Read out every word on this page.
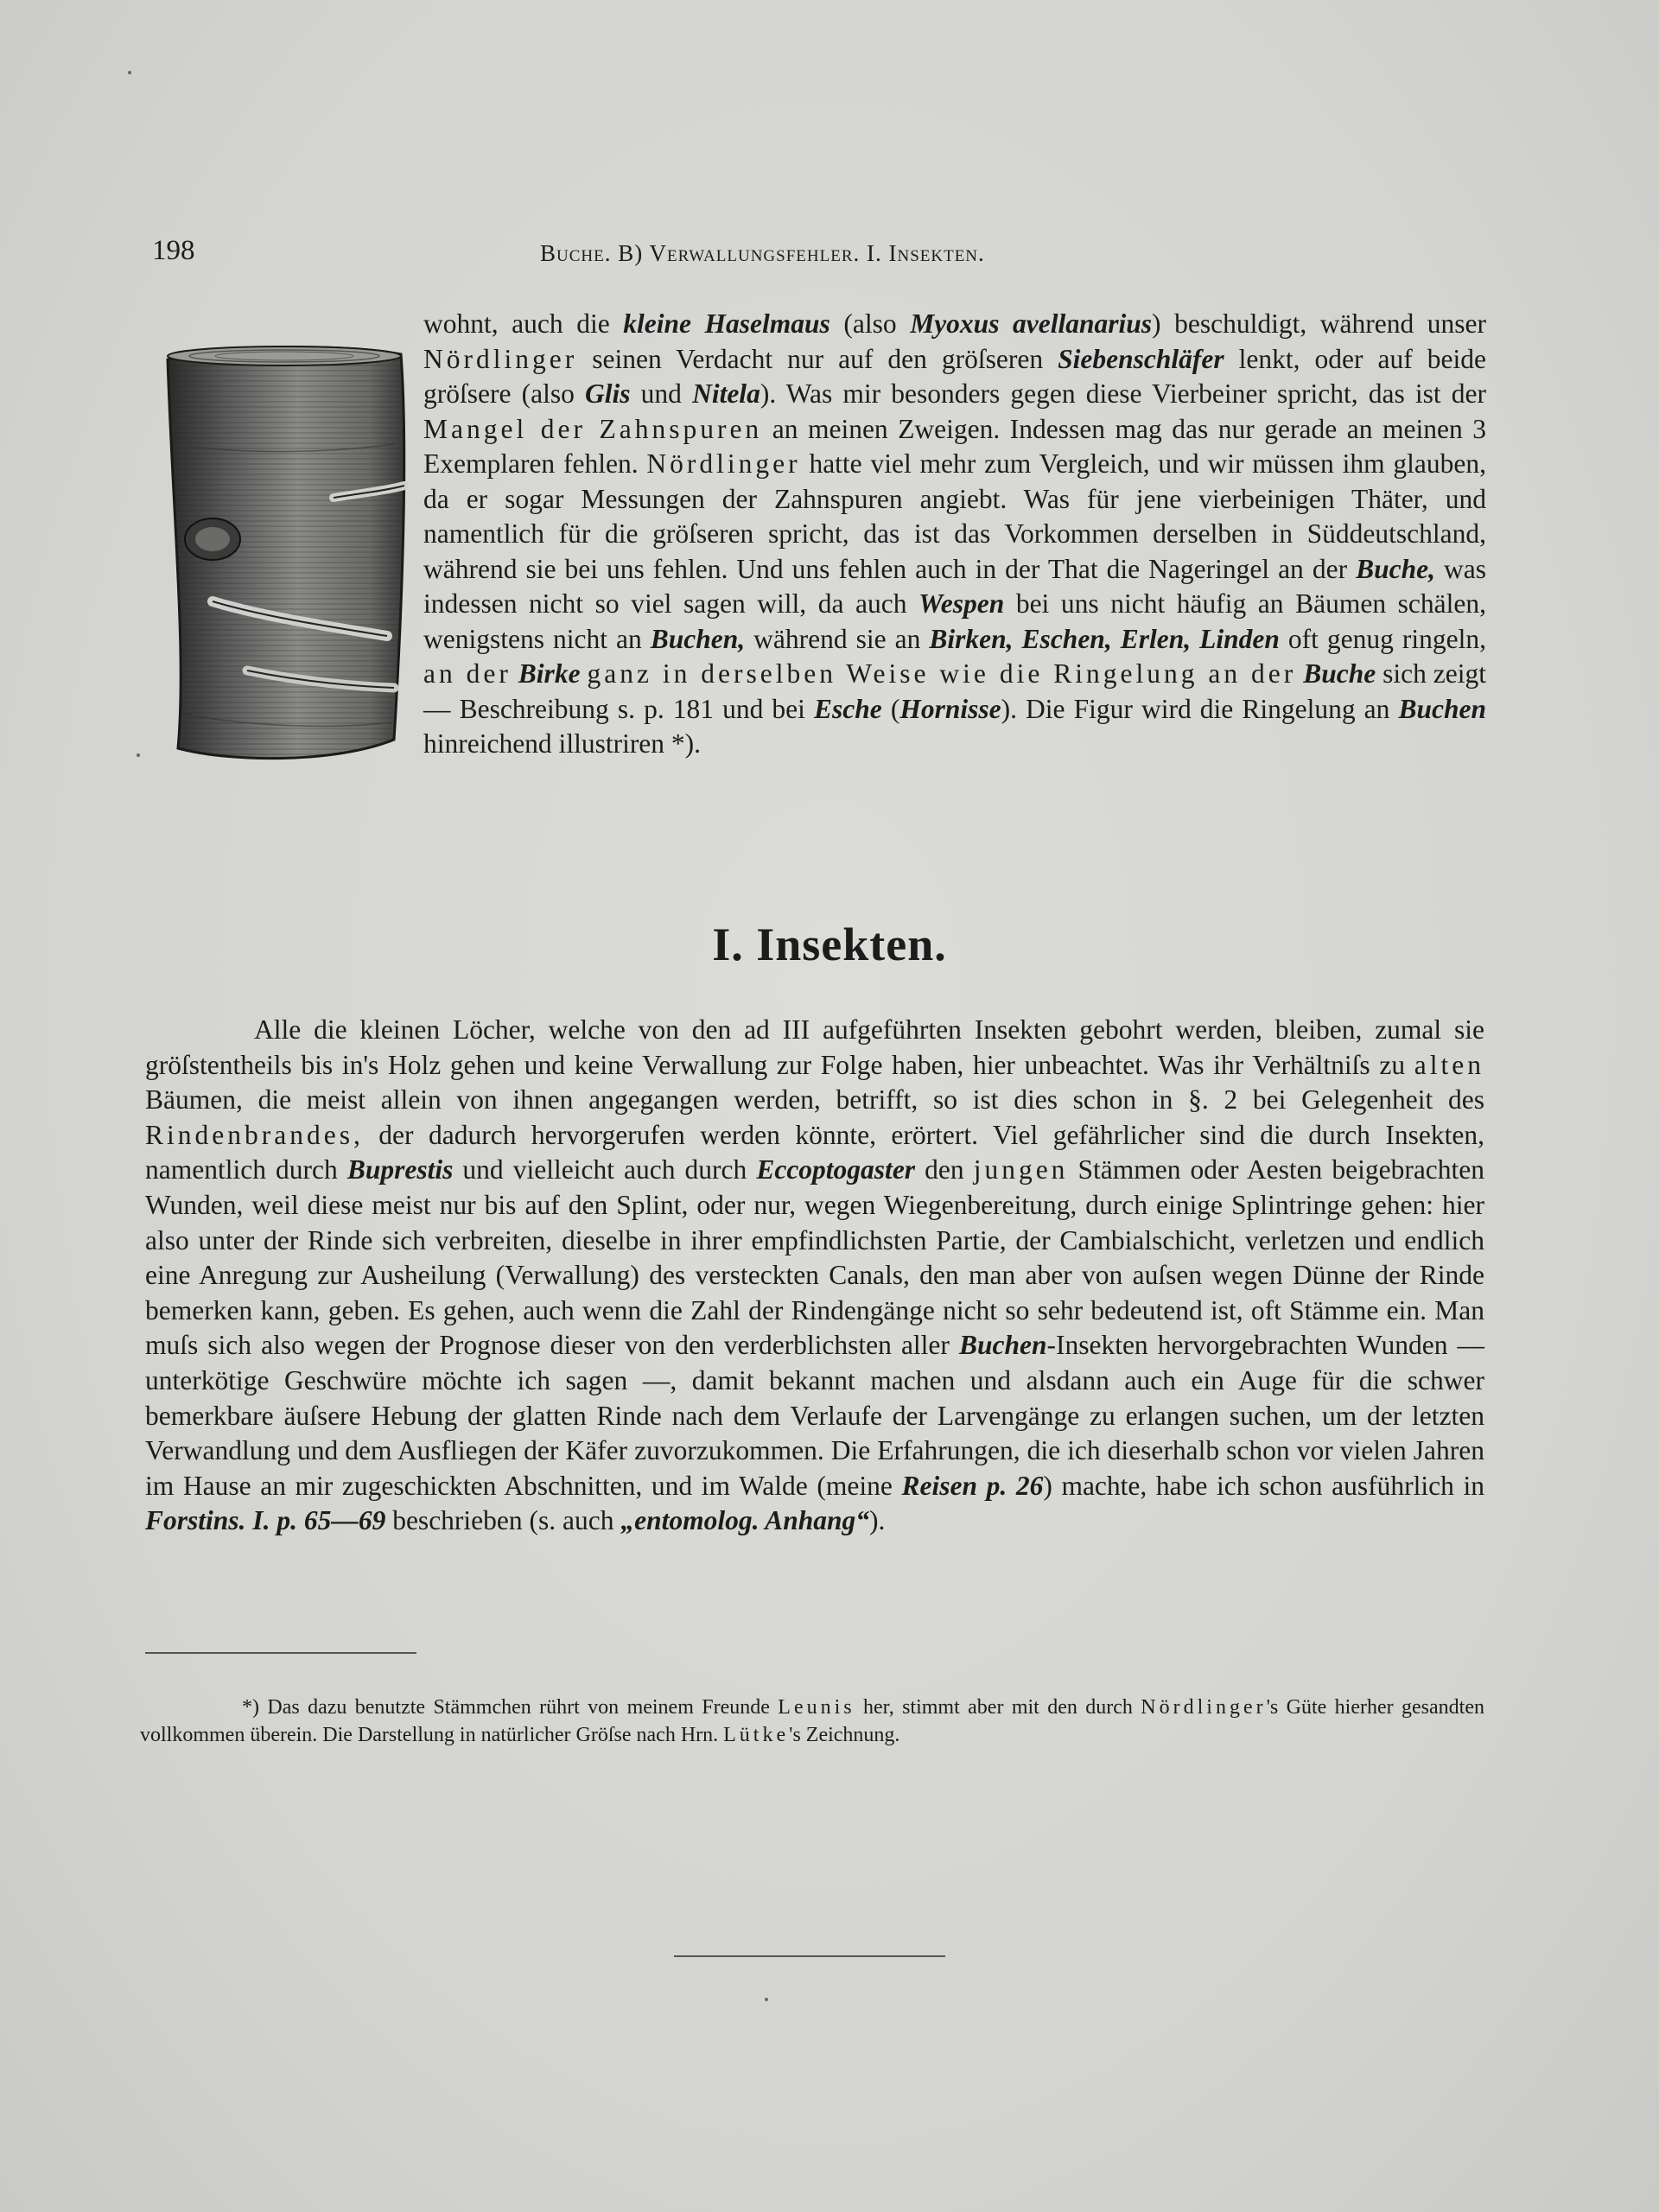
198	Buche. B) Verwallungsfehler. I. Insekten.

wohnt, auch die kleine Haselmaus (also Myoxus avellanarius) beschuldigt, während unser Nördlinger seinen Verdacht nur auf den gröſseren Siebenschläfer lenkt, oder auf beide gröſsere (also Glis und Nitela). Was mir besonders gegen diese Vierbeiner spricht, das ist der Mangel der Zahnspuren an meinen Zweigen. Indessen mag das nur gerade an meinen 3 Exemplaren fehlen. Nördlinger hatte viel mehr zum Vergleich, und wir müssen ihm glauben, da er sogar Messungen der Zahnspuren angiebt. Was für jene vierbeinigen Thäter, und namentlich für die gröſseren spricht, das ist das Vorkommen derselben in Süddeutschland, während sie bei uns fehlen. Und uns fehlen auch in der That die Nageringel an der Buche, was indessen nicht so viel sagen will, da auch Wespen bei uns nicht häufig an Bäumen schälen, wenigstens nicht an Buchen, während sie an Birken, Eschen, Erlen, Linden oft genug ringeln, an der Birke ganz in derselben Weise wie die Ringelung an der Buche sich zeigt — Beschreibung s. p. 181 und bei Esche (Hornisse). Die Figur wird die Ringelung an Buchen hinreichend illustriren *).

I. Insekten.

Alle die kleinen Löcher, welche von den ad III aufgeführten Insekten gebohrt werden, bleiben, zumal sie gröſstentheils bis in's Holz gehen und keine Verwallung zur Folge haben, hier unbeachtet. Was ihr Verhältniſs zu alten Bäumen, die meist allein von ihnen angegangen werden, betrifft, so ist dies schon in §. 2 bei Gelegenheit des Rindenbrandes, der dadurch hervorgerufen werden könnte, erörtert. Viel gefährlicher sind die durch Insekten, namentlich durch Buprestis und vielleicht auch durch Eccoptogaster den jungen Stämmen oder Aesten beigebrachten Wunden, weil diese meist nur bis auf den Splint, oder nur, wegen Wiegenbereitung, durch einige Splintringe gehen: hier also unter der Rinde sich verbreiten, dieselbe in ihrer empfindlichsten Partie, der Cambialschicht, verletzen und endlich eine Anregung zur Ausheilung (Verwallung) des versteckten Canals, den man aber von auſsen wegen Dünne der Rinde bemerken kann, geben. Es gehen, auch wenn die Zahl der Rindengänge nicht so sehr bedeutend ist, oft Stämme ein. Man muſs sich also wegen der Prognose dieser von den verderblichsten aller Buchen-Insekten hervorgebrachten Wunden — unterkötige Geschwüre möchte ich sagen —, damit bekannt machen und alsdann auch ein Auge für die schwer bemerkbare äuſsere Hebung der glatten Rinde nach dem Verlaufe der Larvengänge zu erlangen suchen, um der letzten Verwandlung und dem Ausfliegen der Käfer zuvorzukommen. Die Erfahrungen, die ich dieserhalb schon vor vielen Jahren im Hause an mir zugeschickten Abschnitten, und im Walde (meine Reisen p. 26) machte, habe ich schon ausführlich in Forstins. I. p. 65—69 beschrieben (s. auch „entomolog. Anhang“).

*) Das dazu benutzte Stämmchen rührt von meinem Freunde Leunis her, stimmt aber mit den durch Nördlinger's Güte hierher gesandten vollkommen überein. Die Darstellung in natürlicher Gröſse nach Hrn. Lütke's Zeichnung.
